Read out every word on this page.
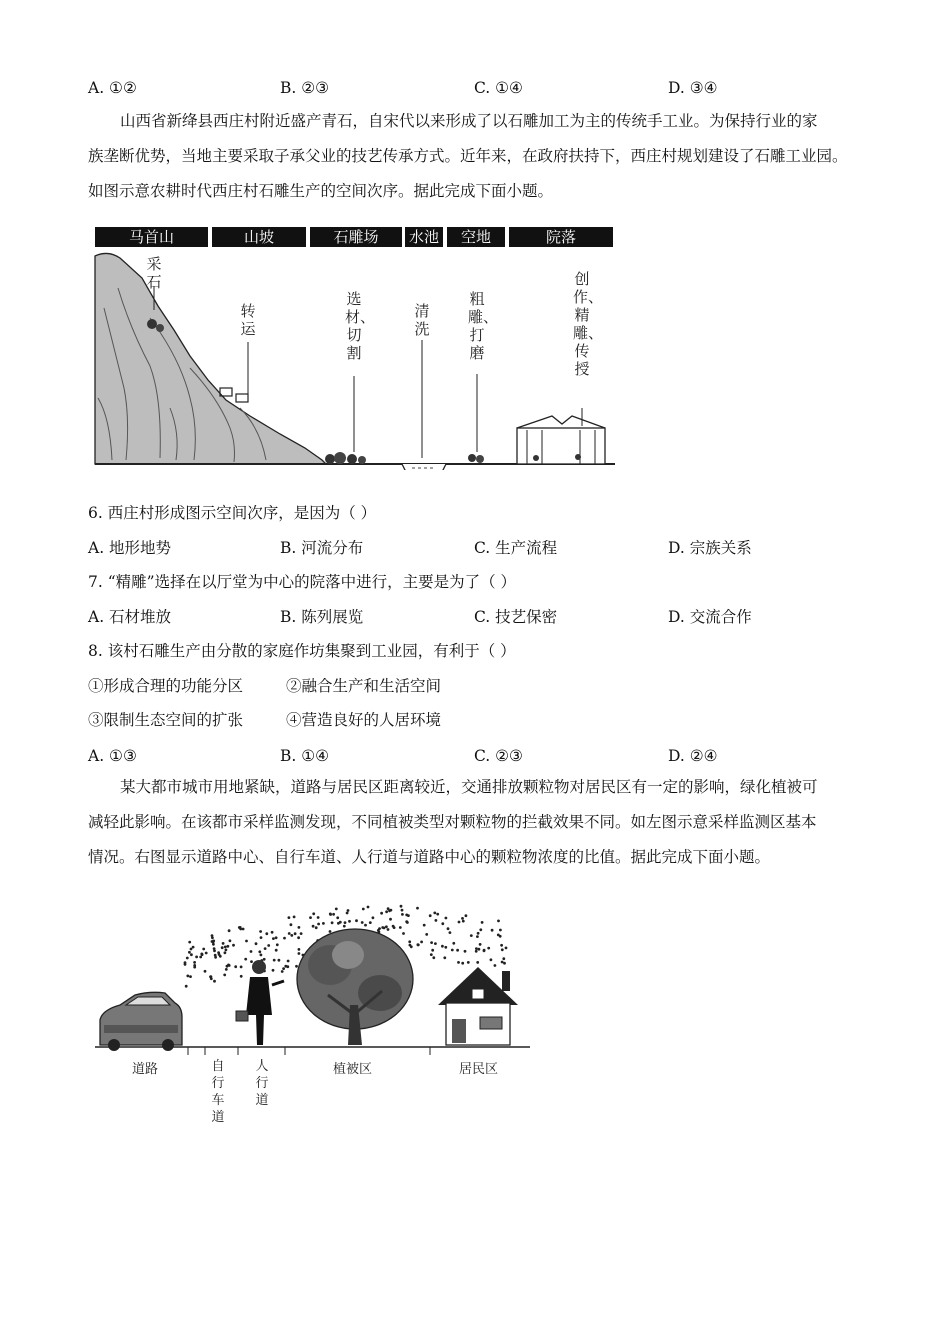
A. ①②	B. ②③	C. ①④	D. ③④

山西省新绛县西庄村附近盛产青石，自宋代以来形成了以石雕加工为主的传统手工业。为保持行业的家

族垄断优势，当地主要采取子承父业的技艺传承方式。近年来，在政府扶持下，西庄村规划建设了石雕工业园。

如图示意农耕时代西庄村石雕生产的空间次序。据此完成下面小题。

马首山	山坡	石雕场	水池	空地	院落
采石
转运
选材、切割
清洗
粗雕、打磨
创作、精雕、传授
6. 西庄村形成图示空间次序，是因为（ ）
A. 地形地势	B. 河流分布	C. 生产流程	D. 宗族关系
7. “精雕”选择在以厅堂为中心的院落中进行，主要是为了（ ）
A. 石材堆放	B. 陈列展览	C. 技艺保密	D. 交流合作
8. 该村石雕生产由分散的家庭作坊集聚到工业园，有利于（ ）
①形成合理的功能分区	②融合生产和生活空间
③限制生态空间的扩张	④营造良好的人居环境
A. ①③	B. ①④	C. ②③	D. ②④

某大都市城市用地紧缺，道路与居民区距离较近，交通排放颗粒物对居民区有一定的影响，绿化植被可

减轻此影响。在该都市采样监测发现，不同植被类型对颗粒物的拦截效果不同。如左图示意采样监测区基本

情况。右图显示道路中心、自行车道、人行道与道路中心的颗粒物浓度的比值。据此完成下面小题。

道路	自行车道
人行道
植被区	居民区
